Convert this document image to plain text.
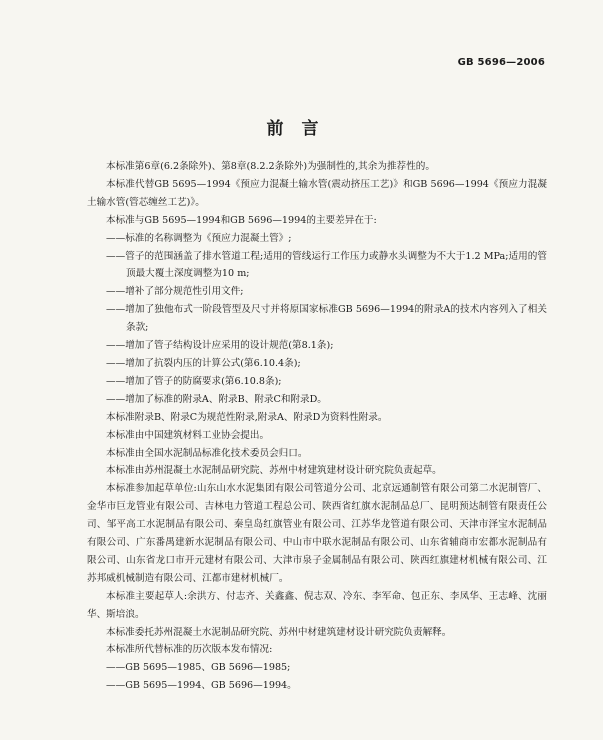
GB 5696—2006
前言

本标准第6章(6.2条除外)、第8章(8.2.2条除外)为强制性的,其余为推荐性的。

本标准代替GB 5695—1994《预应力混凝土输水管(震动挤压工艺)》和GB 5696—1994《预应力混凝土输水管(管芯缠丝工艺)》。

本标准与GB 5695—1994和GB 5696—1994的主要差异在于:

——标准的名称调整为《预应力混凝土管》;

——管子的范围涵盖了排水管道工程;适用的管线运行工作压力或静水头调整为不大于1.2 MPa;适用的管顶最大覆土深度调整为10 m;

——增补了部分规范性引用文件;

——增加了独他布式一阶段管型及尺寸并将原国家标准GB 5696—1994的附录A的技术内容列入了相关条款;

——增加了管子结构设计应采用的设计规范(第8.1条);

——增加了抗裂内压的计算公式(第6.10.4条);

——增加了管子的防腐要求(第6.10.8条);

——增加了标准的附录A、附录B、附录C和附录D。

本标准附录B、附录C为规范性附录,附录A、附录D为资料性附录。

本标准由中国建筑材料工业协会提出。

本标准由全国水泥制品标准化技术委员会归口。

本标准由苏州混凝土水泥制品研究院、苏州中材建筑建材设计研究院负责起草。

本标准参加起草单位:山东山水水泥集团有限公司管道分公司、北京远通制管有限公司第二水泥制管厂、金华市巨龙管业有限公司、吉林电力管道工程总公司、陕西省红旗水泥制品总厂、昆明预达制管有限责任公司、邹平高工水泥制品有限公司、秦皇岛红旗管业有限公司、江苏华龙管道有限公司、天津市泽宝水泥制品有限公司、广东番禺建新水泥制品有限公司、中山市中联水泥制品有限公司、山东省辅商市宏都水泥制品有限公司、山东省龙口市开元建材有限公司、大津市泉子金属制品有限公司、陕西红旗建材机械有限公司、江苏邦威机械制造有限公司、江都市建材机械厂。

本标准主要起草人:余洪方、付志齐、关鑫鑫、倪志双、冷东、李军命、包正东、李凤华、王志峰、沈丽华、斯培浪。

本标准委托苏州混凝土水泥制品研究院、苏州中材建筑建材设计研究院负责解释。

本标准所代替标准的历次版本发布情况:

——GB 5695—1985、GB 5696—1985;

——GB 5695—1994、GB 5696—1994。
